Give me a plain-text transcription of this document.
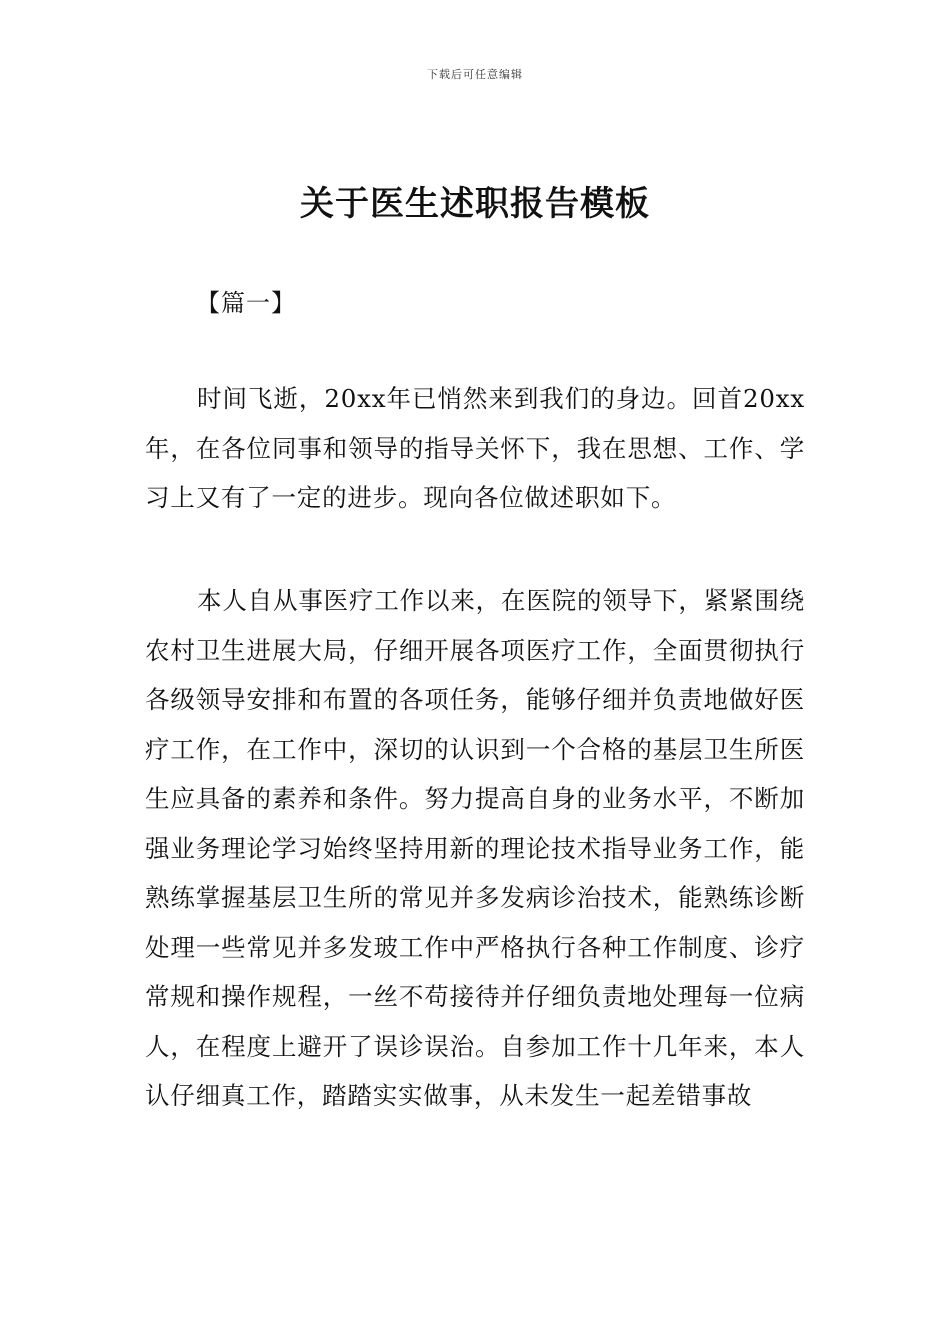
下载后可任意编辑
关于医生述职报告模板
【篇一】

时间飞逝，20xx年已悄然来到我们的身边。回首20xx年，在各位同事和领导的指导关怀下，我在思想、工作、学习上又有了一定的进步。现向各位做述职如下。

本人自从事医疗工作以来，在医院的领导下，紧紧围绕农村卫生进展大局，仔细开展各项医疗工作，全面贯彻执行各级领导安排和布置的各项任务，能够仔细并负责地做好医疗工作，在工作中，深切的认识到一个合格的基层卫生所医生应具备的素养和条件。努力提高自身的业务水平，不断加强业务理论学习始终坚持用新的理论技术指导业务工作，能熟练掌握基层卫生所的常见并多发病诊治技术，能熟练诊断处理一些常见并多发玻工作中严格执行各种工作制度、诊疗常规和操作规程，一丝不苟接待并仔细负责地处理每一位病人，在程度上避开了误诊误治。自参加工作十几年来，本人认仔细真工作，踏踏实实做事，从未发生一起差错事故
